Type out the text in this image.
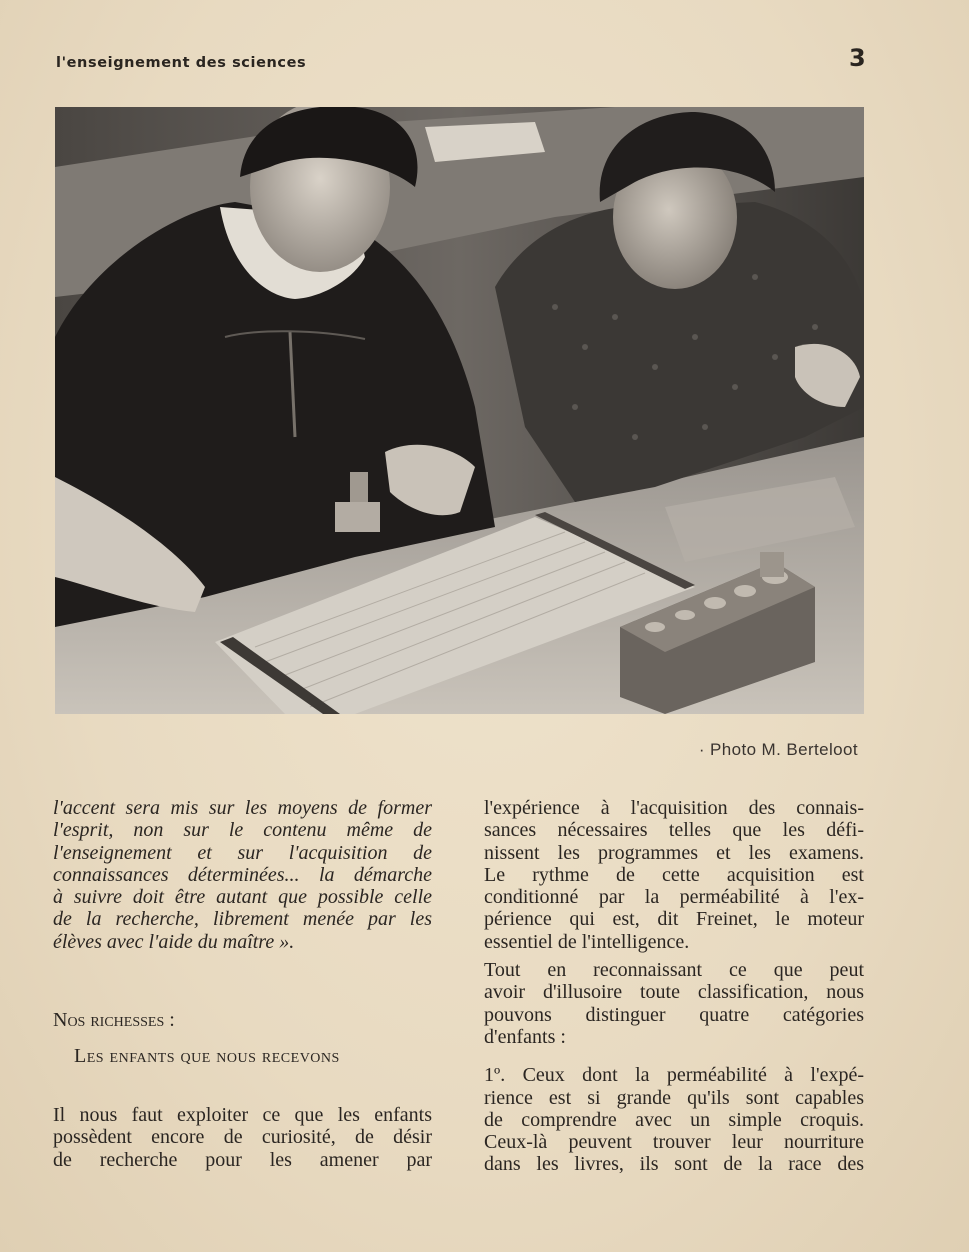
l'enseignement des sciences	3
· Photo M. Berteloot

l'accent sera mis sur les moyens de former

l'esprit, non sur le contenu même de

l'enseignement et sur l'acquisition de

connaissances déterminées... la démarche

à suivre doit être autant que possible celle

de la recherche, librement menée par les

élèves avec l'aide du maître ».

Nos richesses :
Les enfants que nous recevons

Il nous faut exploiter ce que les enfants

possèdent encore de curiosité, de désir

de recherche pour les amener par

l'expérience à l'acquisition des connais-

sances nécessaires telles que les défi-

nissent les programmes et les examens.

Le rythme de cette acquisition est

conditionné par la perméabilité à l'ex-

périence qui est, dit Freinet, le moteur

essentiel de l'intelligence.

Tout en reconnaissant ce que peut

avoir d'illusoire toute classification, nous

pouvons distinguer quatre catégories

d'enfants :

1º. Ceux dont la perméabilité à l'expé-

rience est si grande qu'ils sont capables

de comprendre avec un simple croquis.

Ceux-là peuvent trouver leur nourriture

dans les livres, ils sont de la race des
